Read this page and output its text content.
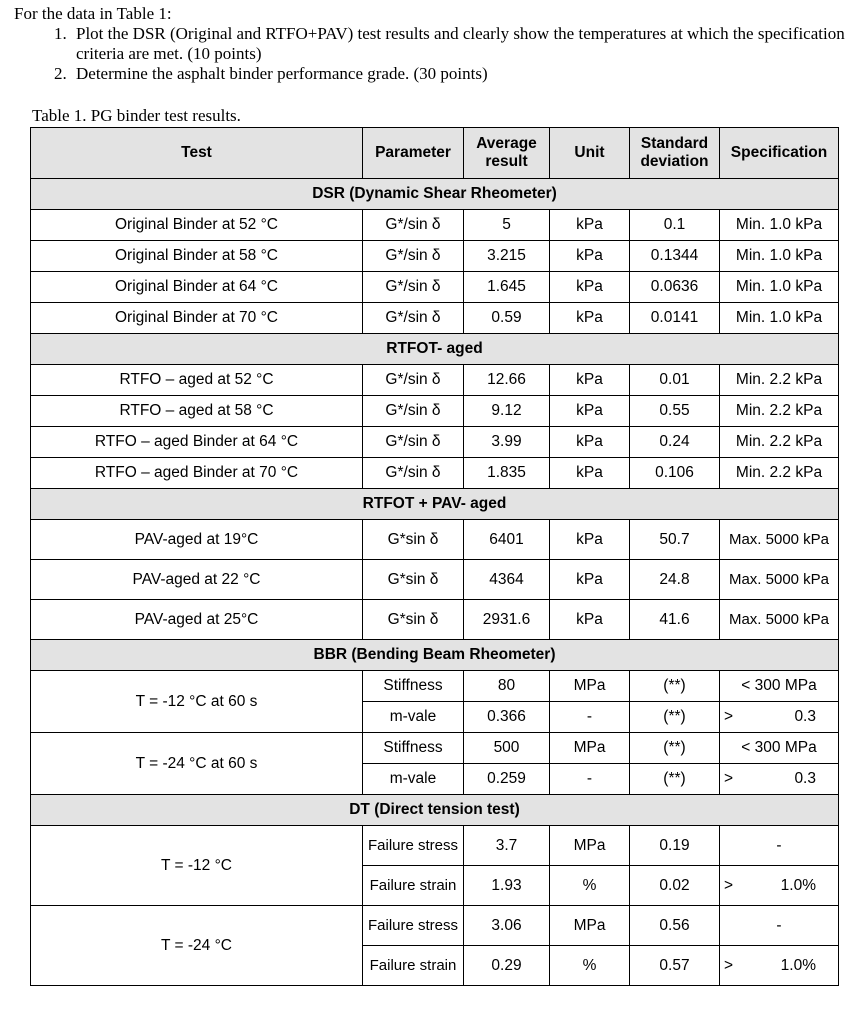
For the data in Table 1:

1. Plot the DSR (Original and RTFO+PAV) test results and clearly show the temperatures at which the specification criteria are met. (10 points)
2. Determine the asphalt binder performance grade. (30 points)
Table 1. PG binder test results.
Test	Parameter	Average result	Unit	Standard deviation	Specification
DSR (Dynamic Shear Rheometer)					
Original Binder at 52 °C	G*/sin δ	5	kPa	0.1	Min. 1.0 kPa
Original Binder at 58 °C	G*/sin δ	3.215	kPa	0.1344	Min. 1.0 kPa
Original Binder at 64 °C	G*/sin δ	1.645	kPa	0.0636	Min. 1.0 kPa
Original Binder at 70 °C	G*/sin δ	0.59	kPa	0.0141	Min. 1.0 kPa
RTFOT- aged					
RTFO – aged at 52 °C	G*/sin δ	12.66	kPa	0.01	Min. 2.2 kPa
RTFO – aged at 58 °C	G*/sin δ	9.12	kPa	0.55	Min. 2.2 kPa
RTFO – aged Binder at 64 °C	G*/sin δ	3.99	kPa	0.24	Min. 2.2 kPa
RTFO – aged Binder at 70 °C	G*/sin δ	1.835	kPa	0.106	Min. 2.2 kPa
RTFOT + PAV- aged					
PAV-aged at 19°C	G*sin δ	6401	kPa	50.7	Max. 5000 kPa
PAV-aged at 22 °C	G*sin δ	4364	kPa	24.8	Max. 5000 kPa
PAV-aged at 25°C	G*sin δ	2931.6	kPa	41.6	Max. 5000 kPa
BBR (Bending Beam Rheometer)					
T = -12 °C at 60 s	Stiffness	80	MPa	(**)	< 300 MPa
	m-vale	0.366	-	(**)	> 0.3

T = -24 °C at 60 s	Stiffness	500	MPa	(**)	< 300 MPa
	m-vale	0.259	-	(**)	> 0.3

DT (Direct tension test)					
T = -12 °C	Failure stress	3.7	MPa	0.19	-
	Failure strain	1.93	%	0.02	> 1.0%

T = -24 °C	Failure stress	3.06	MPa	0.56	-
	Failure strain	0.29	%	0.57	> 1.0%
